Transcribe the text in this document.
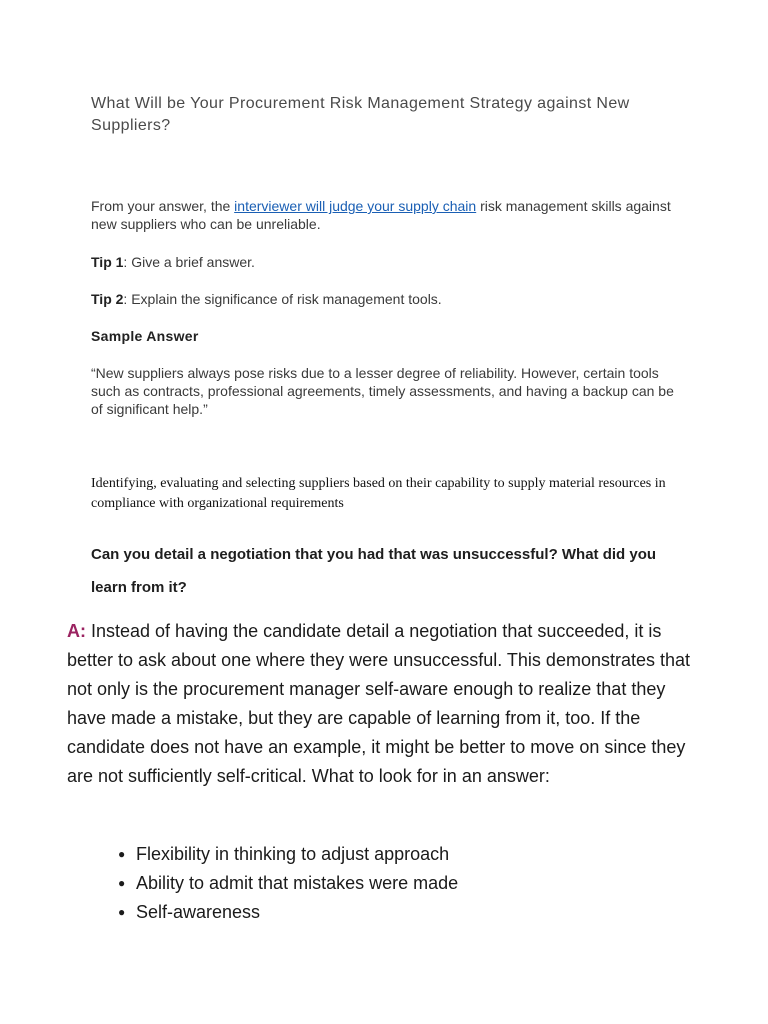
What Will be Your Procurement Risk Management Strategy against New Suppliers?

From your answer, the interviewer will judge your supply chain risk management skills against new suppliers who can be unreliable.

Tip 1: Give a brief answer.

Tip 2: Explain the significance of risk management tools.

Sample Answer

“New suppliers always pose risks due to a lesser degree of reliability. However, certain tools such as contracts, professional agreements, timely assessments, and having a backup can be of significant help.”

Identifying, evaluating and selecting suppliers based on their capability to supply material resources in compliance with organizational requirements

Can you detail a negotiation that you had that was unsuccessful? What did you learn from it?

A: Instead of having the candidate detail a negotiation that succeeded, it is better to ask about one where they were unsuccessful. This demonstrates that not only is the procurement manager self-aware enough to realize that they have made a mistake, but they are capable of learning from it, too. If the candidate does not have an example, it might be better to move on since they are not sufficiently self-critical. What to look for in an answer:

● Flexibility in thinking to adjust approach
● Ability to admit that mistakes were made
● Self-awareness
